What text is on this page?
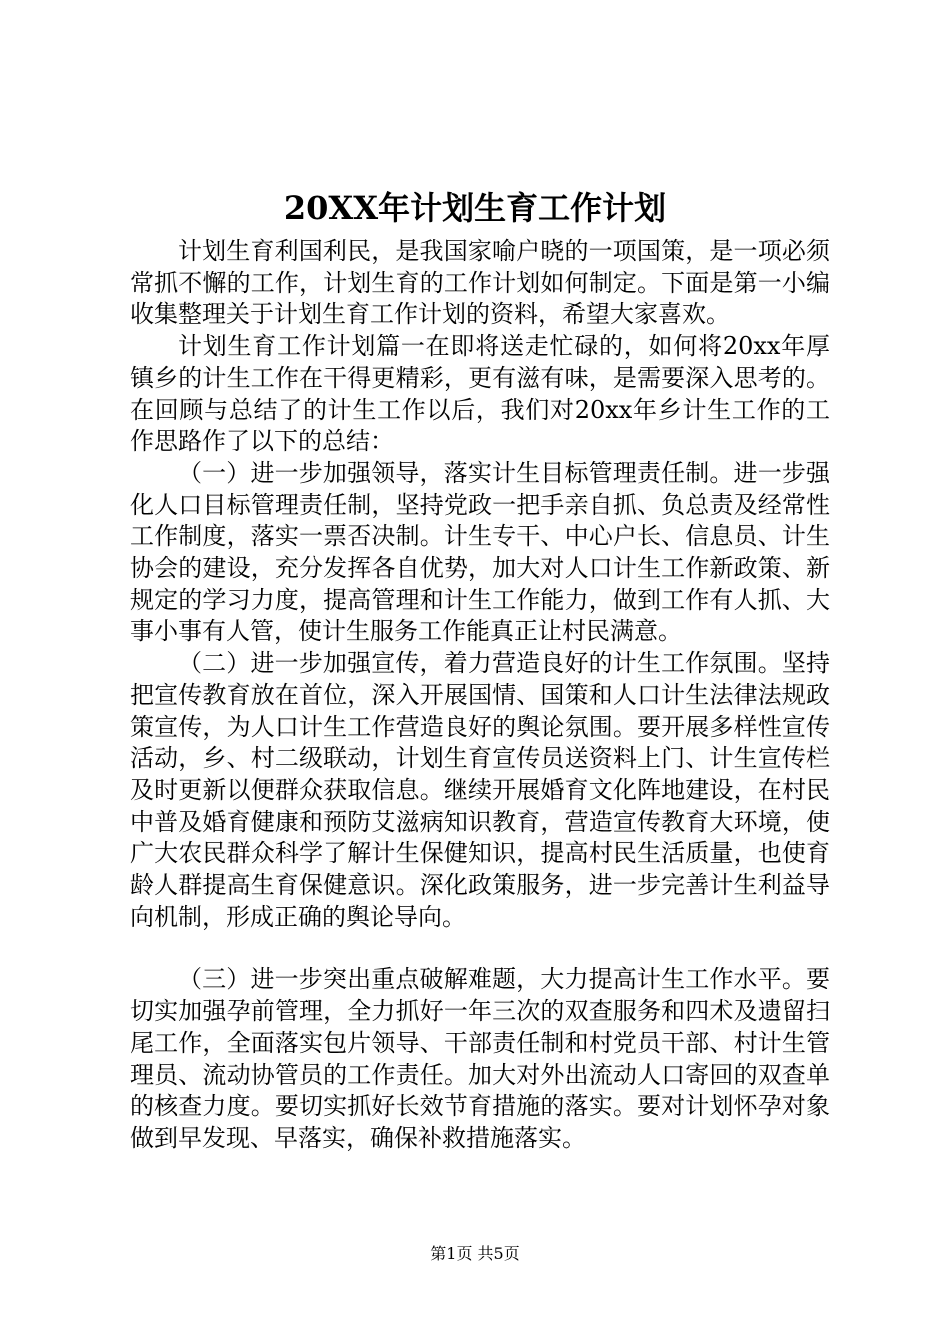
20XX年计划生育工作计划

计划生育利国利民，是我国家喻户晓的一项国策，是一项必须常抓不懈的工作，计划生育的工作计划如何制定。下面是第一小编收集整理关于计划生育工作计划的资料，希望大家喜欢。

计划生育工作计划篇一在即将送走忙碌的，如何将20xx年厚镇乡的计生工作在干得更精彩，更有滋有味，是需要深入思考的。在回顾与总结了的计生工作以后，我们对20xx年乡计生工作的工作思路作了以下的总结：

（一）进一步加强领导，落实计生目标管理责任制。进一步强化人口目标管理责任制，坚持党政一把手亲自抓、负总责及经常性工作制度，落实一票否决制。计生专干、中心户长、信息员、计生协会的建设，充分发挥各自优势，加大对人口计生工作新政策、新规定的学习力度，提高管理和计生工作能力，做到工作有人抓、大事小事有人管，使计生服务工作能真正让村民满意。

（二）进一步加强宣传，着力营造良好的计生工作氛围。坚持把宣传教育放在首位，深入开展国情、国策和人口计生法律法规政策宣传，为人口计生工作营造良好的舆论氛围。要开展多样性宣传活动，乡、村二级联动，计划生育宣传员送资料上门、计生宣传栏及时更新以便群众获取信息。继续开展婚育文化阵地建设，在村民中普及婚育健康和预防艾滋病知识教育，营造宣传教育大环境，使广大农民群众科学了解计生保健知识，提高村民生活质量，也使育龄人群提高生育保健意识。深化政策服务，进一步完善计生利益导向机制，形成正确的舆论导向。

（三）进一步突出重点破解难题，大力提高计生工作水平。要切实加强孕前管理，全力抓好一年三次的双查服务和四术及遗留扫尾工作，全面落实包片领导、干部责任制和村党员干部、村计生管理员、流动协管员的工作责任。加大对外出流动人口寄回的双查单的核查力度。要切实抓好长效节育措施的落实。要对计划怀孕对象做到早发现、早落实，确保补救措施落实。

第1页 共5页
